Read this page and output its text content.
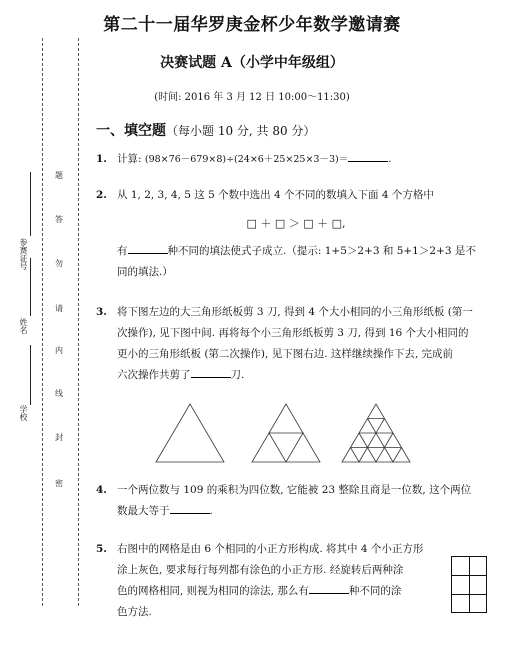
学校
姓名
参赛证号
密
封
线
内
请
勿
答
题
第二十一届华罗庚金杯少年数学邀请赛
决赛试题 A（小学中年级组）
(时间: 2016 年 3 月 12 日 10:00～11:30)
一、填空题（每小题 10 分, 共 80 分）
1. 计算: (98×76－679×8)÷(24×6＋25×25×3－3)＝	.
2. 从 1, 2, 3, 4, 5 这 5 个数中选出 4 个不同的数填入下面 4 个方格中
□ ＋ □ ＞ □ ＋ □,
有	种不同的填法使式子成立.（提示: 1+5＞2+3 和 5+1＞2+3 是不
同的填法.）
3. 将下图左边的大三角形纸板剪 3 刀, 得到 4 个大小相同的小三角形纸板 (第一
次操作), 见下图中间. 再将每个小三角形纸板剪 3 刀, 得到 16 个大小相同的
更小的三角形纸板 (第二次操作), 见下图右边. 这样继续操作下去, 完成前
六次操作共剪了	刀.
4. 一个两位数与 109 的乘积为四位数, 它能被 23 整除且商是一位数, 这个两位
数最大等于	.
5. 右图中的网格是由 6 个相同的小正方形构成. 将其中 4 个小正方形
涂上灰色, 要求每行每列都有涂色的小正方形. 经旋转后两种涂
色的网格相同, 则视为相同的涂法, 那么有	种不同的涂
色方法.
